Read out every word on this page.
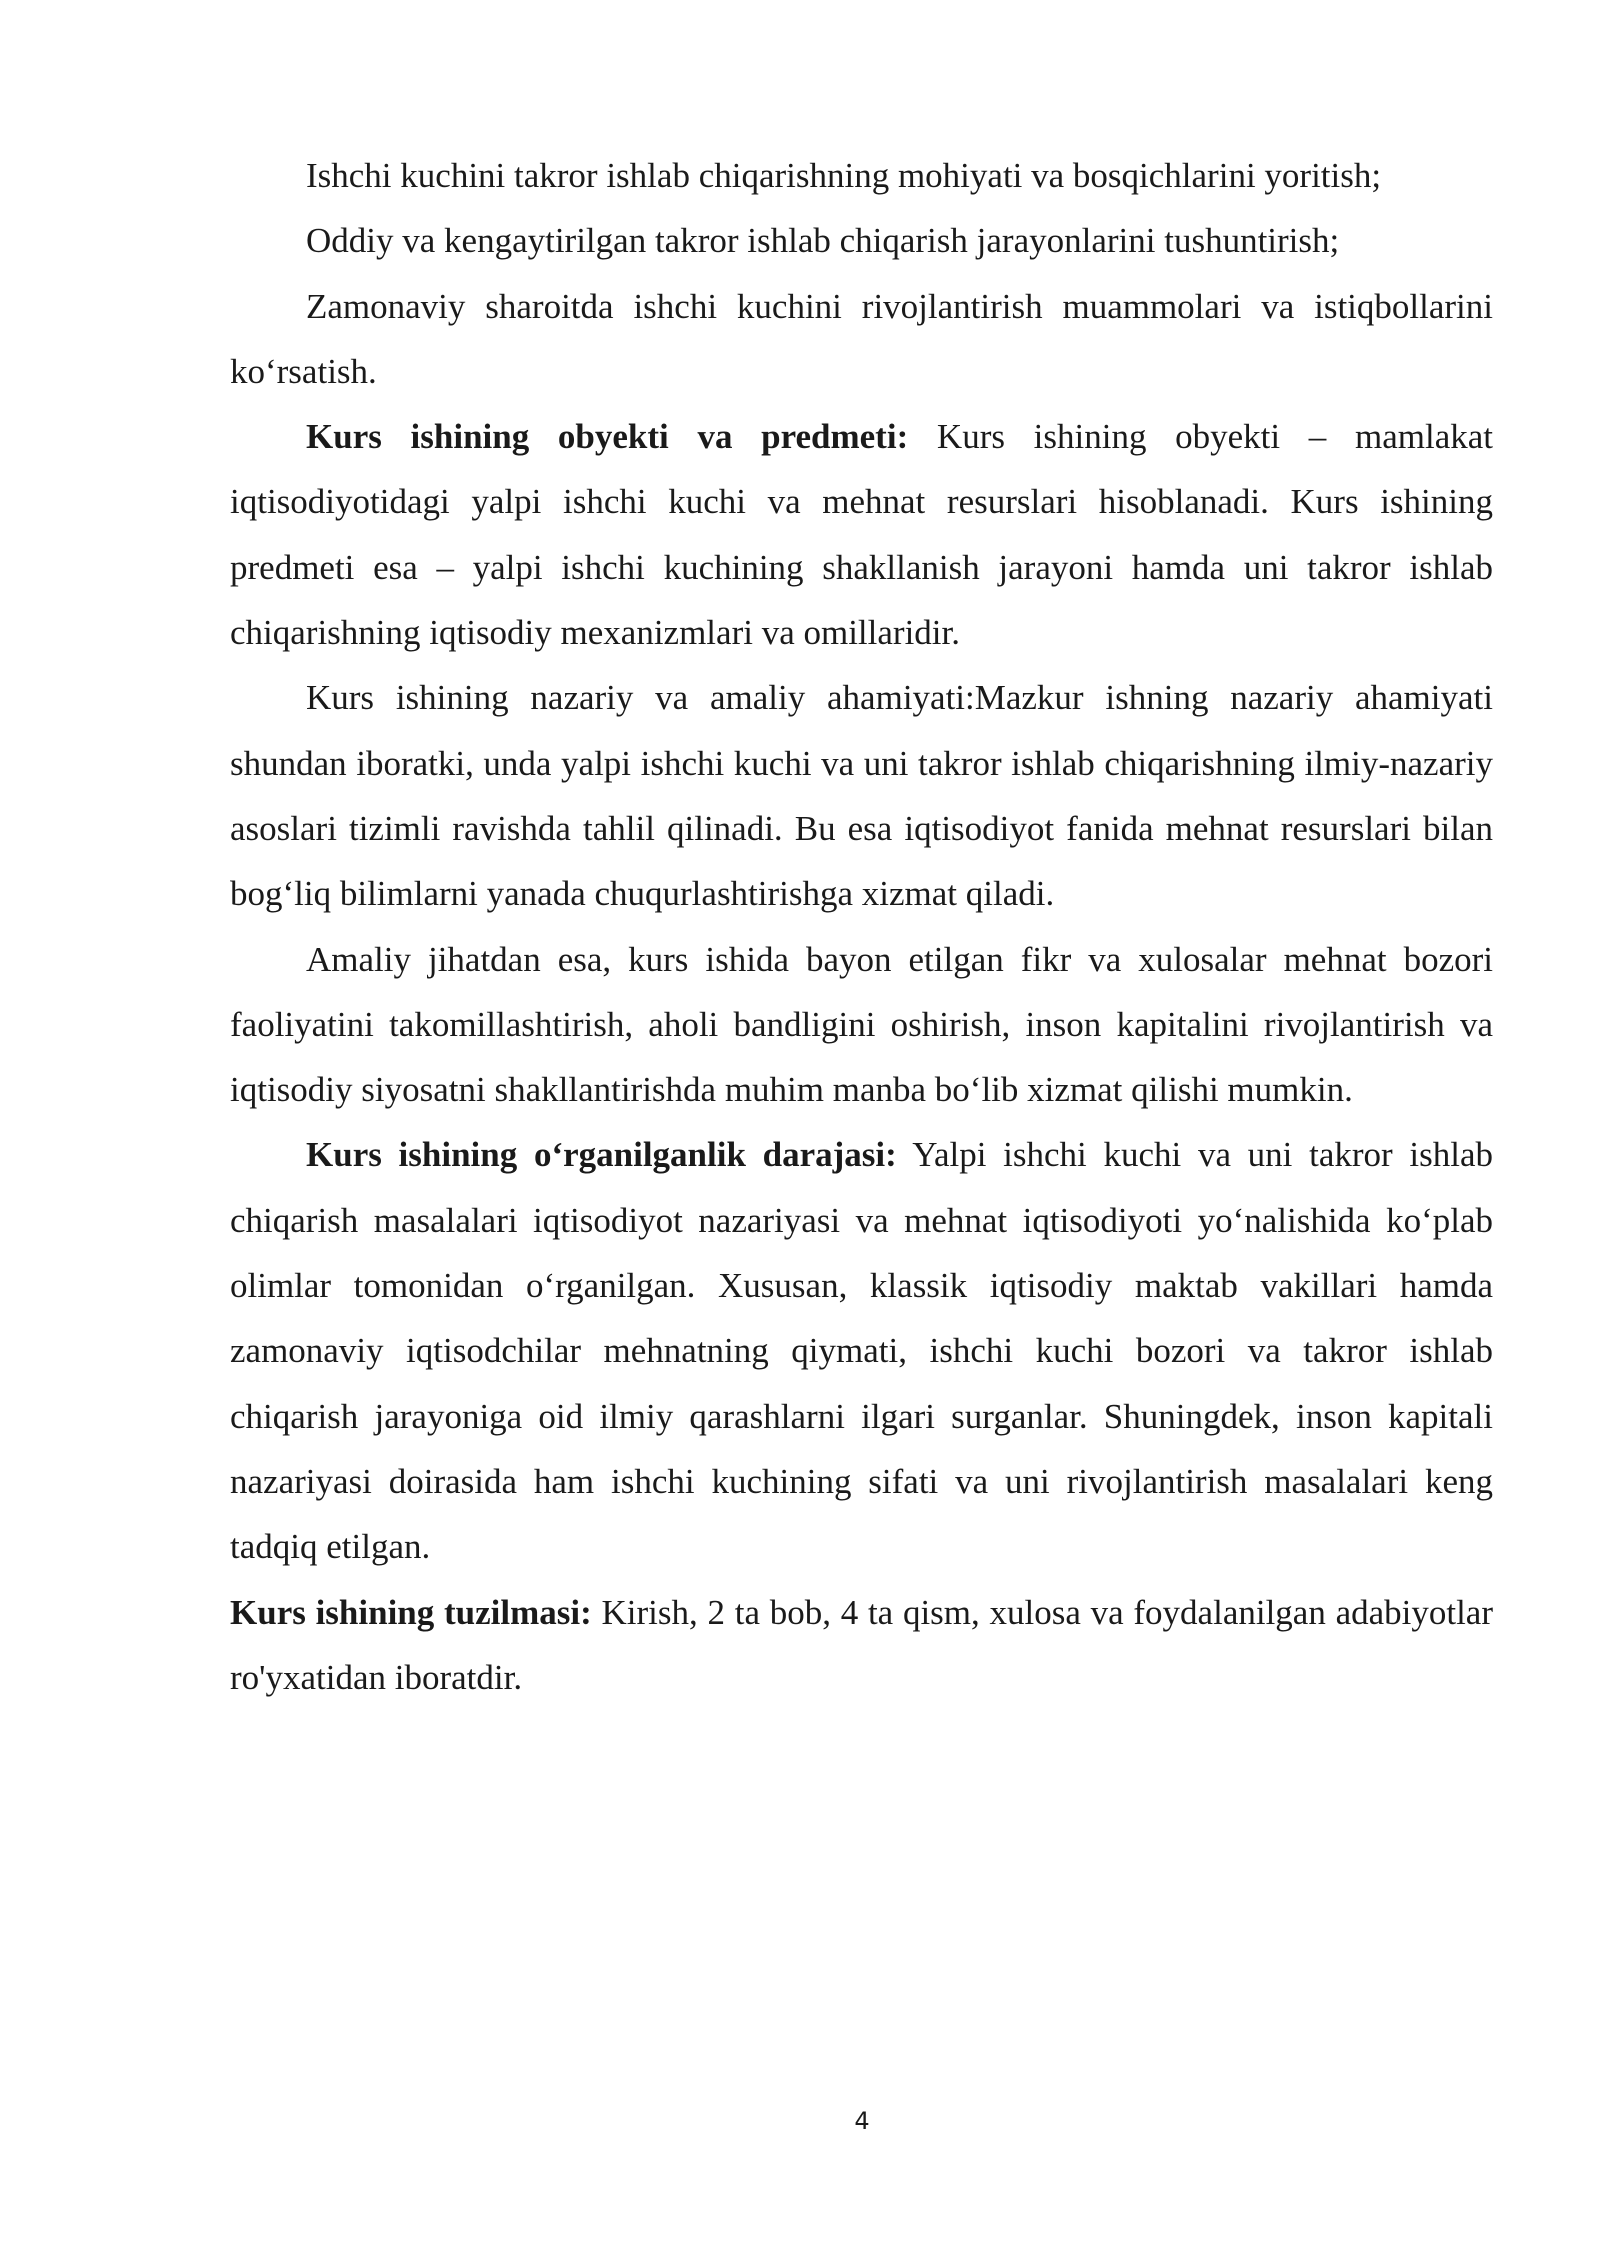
Ishchi kuchini takror ishlab chiqarishning mohiyati va bosqichlarini yoritish;

Oddiy va kengaytirilgan takror ishlab chiqarish jarayonlarini tushuntirish;

Zamonaviy sharoitda ishchi kuchini rivojlantirish muammolari va istiqbollarini ko‘rsatish.

Kurs ishining obyekti va predmeti: Kurs ishining obyekti – mamlakat iqtisodiyotidagi yalpi ishchi kuchi va mehnat resurslari hisoblanadi. Kurs ishining predmeti esa – yalpi ishchi kuchining shakllanish jarayoni hamda uni takror ishlab chiqarishning iqtisodiy mexanizmlari va omillaridir.

Kurs ishining nazariy va amaliy ahamiyati:Mazkur ishning nazariy ahamiyati shundan iboratki, unda yalpi ishchi kuchi va uni takror ishlab chiqarishning ilmiy-nazariy asoslari tizimli ravishda tahlil qilinadi. Bu esa iqtisodiyot fanida mehnat resurslari bilan bog‘liq bilimlarni yanada chuqurlashtirishga xizmat qiladi.

Amaliy jihatdan esa, kurs ishida bayon etilgan fikr va xulosalar mehnat bozori faoliyatini takomillashtirish, aholi bandligini oshirish, inson kapitalini rivojlantirish va iqtisodiy siyosatni shakllantirishda muhim manba bo‘lib xizmat qilishi mumkin.

Kurs ishining o‘rganilganlik darajasi: Yalpi ishchi kuchi va uni takror ishlab chiqarish masalalari iqtisodiyot nazariyasi va mehnat iqtisodiyoti yo‘nalishida ko‘plab olimlar tomonidan o‘rganilgan. Xususan, klassik iqtisodiy maktab vakillari hamda zamonaviy iqtisodchilar mehnatning qiymati, ishchi kuchi bozori va takror ishlab chiqarish jarayoniga oid ilmiy qarashlarni ilgari surganlar. Shuningdek, inson kapitali nazariyasi doirasida ham ishchi kuchining sifati va uni rivojlantirish masalalari keng tadqiq etilgan.

Kurs ishining tuzilmasi: Kirish, 2 ta bob, 4 ta qism, xulosa va foydalanilgan adabiyotlar ro'yxatidan iboratdir.

4
